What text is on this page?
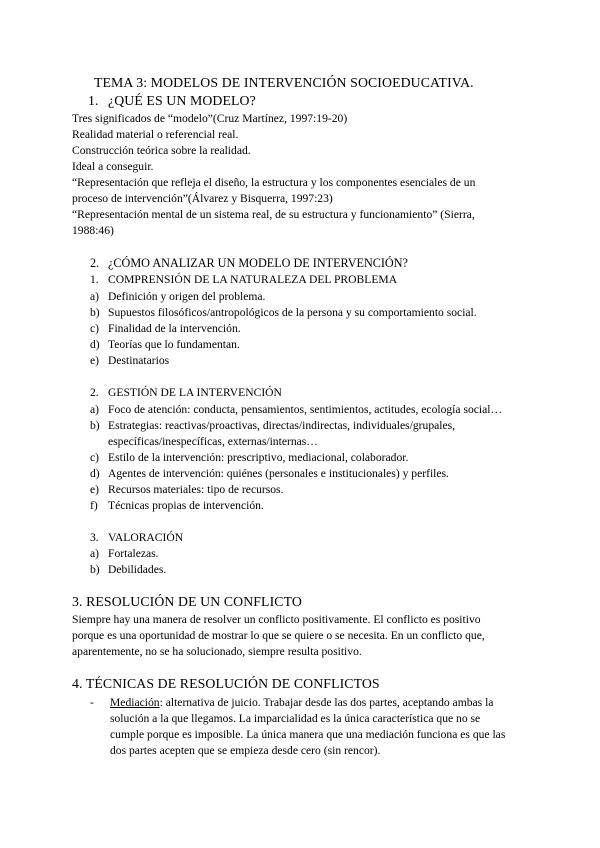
TEMA 3: MODELOS DE INTERVENCIÓN SOCIOEDUCATIVA.
1. ¿QUÉ ES UN MODELO?
Tres significados de “modelo”(Cruz Martínez, 1997:19-20)
Realidad material o referencial real.
Construcción teórica sobre la realidad.
Ideal a conseguir.
“Representación que refleja el diseño, la estructura y los componentes esenciales de un
proceso de intervención”(Álvarez y Bisquerra, 1997:23)
“Representación mental de un sistema real, de su estructura y funcionamiento” (Sierra,
1988:46)
2. ¿CÓMO ANALIZAR UN MODELO DE INTERVENCIÓN?
1. COMPRENSIÓN DE LA NATURALEZA DEL PROBLEMA
a) Definición y origen del problema.
b) Supuestos filosóficos/antropológicos de la persona y su comportamiento social.
c) Finalidad de la intervención.
d) Teorías que lo fundamentan.
e) Destinatarios
2. GESTIÓN DE LA INTERVENCIÓN
a) Foco de atención: conducta, pensamientos, sentimientos, actitudes, ecología social…
b) Estrategias: reactivas/proactivas, directas/indirectas, individuales/grupales,
específicas/inespecíficas, externas/internas…
c) Estilo de la intervención: prescriptivo, mediacional, colaborador.
d) Agentes de intervención: quiénes (personales e institucionales) y perfiles.
e) Recursos materiales: tipo de recursos.
f) Técnicas propias de intervención.
3. VALORACIÓN
a) Fortalezas.
b) Debilidades.
3. RESOLUCIÓN DE UN CONFLICTO
Siempre hay una manera de resolver un conflicto positivamente. El conflicto es positivo
porque es una oportunidad de mostrar lo que se quiere o se necesita. En un conflicto que,
aparentemente, no se ha solucionado, siempre resulta positivo.
4. TÉCNICAS DE RESOLUCIÓN DE CONFLICTOS
- Mediación: alternativa de juicio. Trabajar desde las dos partes, aceptando ambas la
solución a la que llegamos. La imparcialidad es la única característica que no se
cumple porque es imposible. La única manera que una mediación funciona es que las
dos partes acepten que se empieza desde cero (sin rencor).
